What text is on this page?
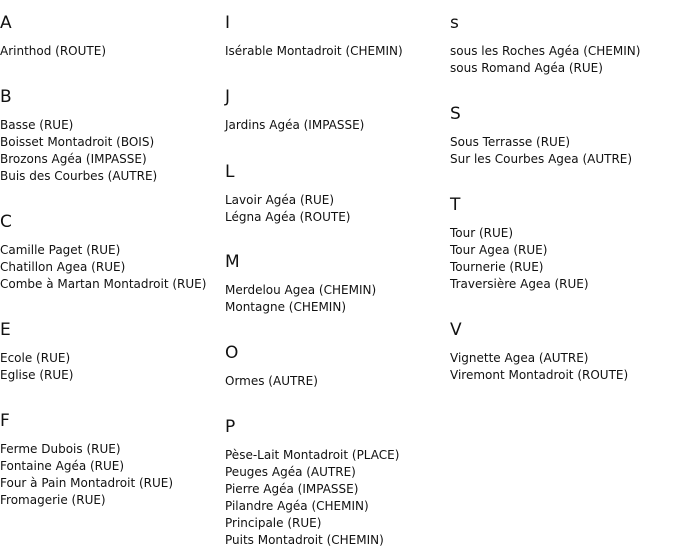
A
Arinthod (ROUTE)
B
Basse (RUE)
Boisset Montadroit (BOIS)
Brozons Agéa (IMPASSE)
Buis des Courbes (AUTRE)
C
Camille Paget (RUE)
Chatillon Agea (RUE)
Combe à Martan Montadroit (RUE)
E
Ecole (RUE)
Eglise (RUE)
F
Ferme Dubois (RUE)
Fontaine Agéa (RUE)
Four à Pain Montadroit (RUE)
Fromagerie (RUE)
I
Isérable Montadroit (CHEMIN)
J
Jardins Agéa (IMPASSE)
L
Lavoir Agéa (RUE)
Légna Agéa (ROUTE)
M
Merdelou Agea (CHEMIN)
Montagne (CHEMIN)
O
Ormes (AUTRE)
P
Pèse-Lait Montadroit (PLACE)
Peuges Agéa (AUTRE)
Pierre Agéa (IMPASSE)
Pilandre Agéa (CHEMIN)
Principale (RUE)
Puits Montadroit (CHEMIN)
s
sous les Roches Agéa (CHEMIN)
sous Romand Agéa (RUE)
S
Sous Terrasse (RUE)
Sur les Courbes Agea (AUTRE)
T
Tour (RUE)
Tour Agea (RUE)
Tournerie (RUE)
Traversière Agea (RUE)
V
Vignette Agea (AUTRE)
Viremont Montadroit (ROUTE)
